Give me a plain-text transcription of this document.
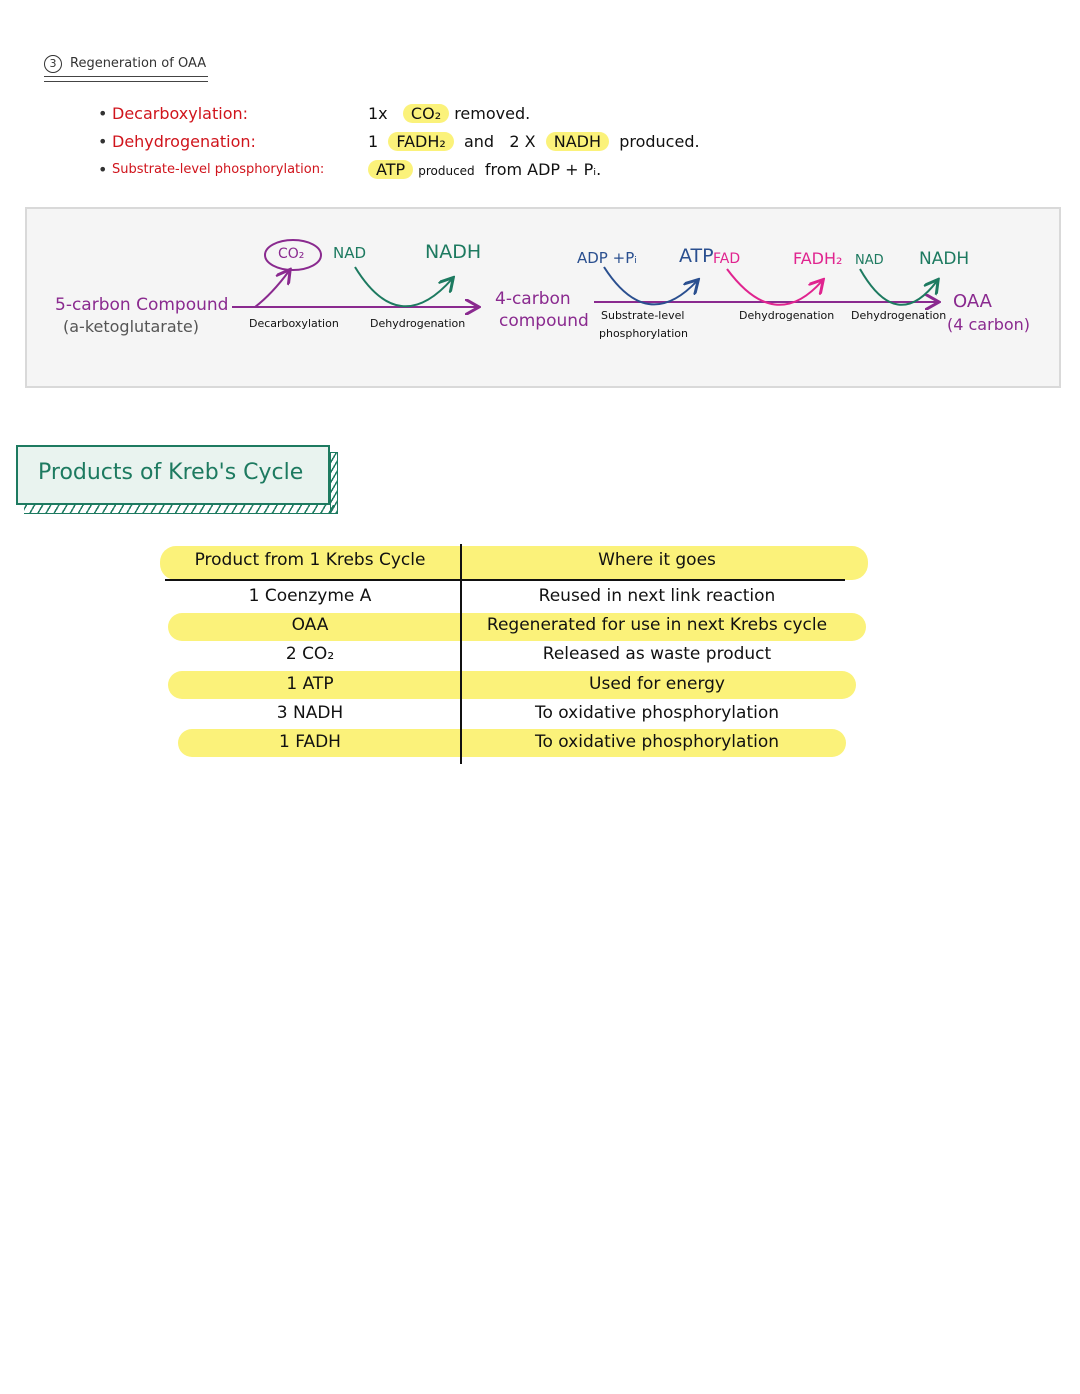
3 Regeneration of OAA
• Decarboxylation:	1x CO₂ removed.
• Dehydrogenation:	1 FADH₂ and 2 X NADH produced.
• Substrate-level phosphorylation:	ATP produced from ADP + Pᵢ.
5-carbon Compound
(a-ketoglutarate)
CO₂
Decarboxylation
NAD	NADH
Dehydrogenation
4-carbon
compound
ADP +Pᵢ ATP
Substrate-level
phosphorylation
FAD	FADH₂
Dehydrogenation
NAD NADH
Dehydrogenation
OAA
(4 carbon)
Products of Kreb's Cycle
Product from 1 Krebs Cycle	Where it goes
1 Coenzyme A	Reused in next link reaction
OAA	Regenerated for use in next Krebs cycle
2 CO₂	Released as waste product
1 ATP	Used for energy
3 NADH	To oxidative phosphorylation
1 FADH	To oxidative phosphorylation
